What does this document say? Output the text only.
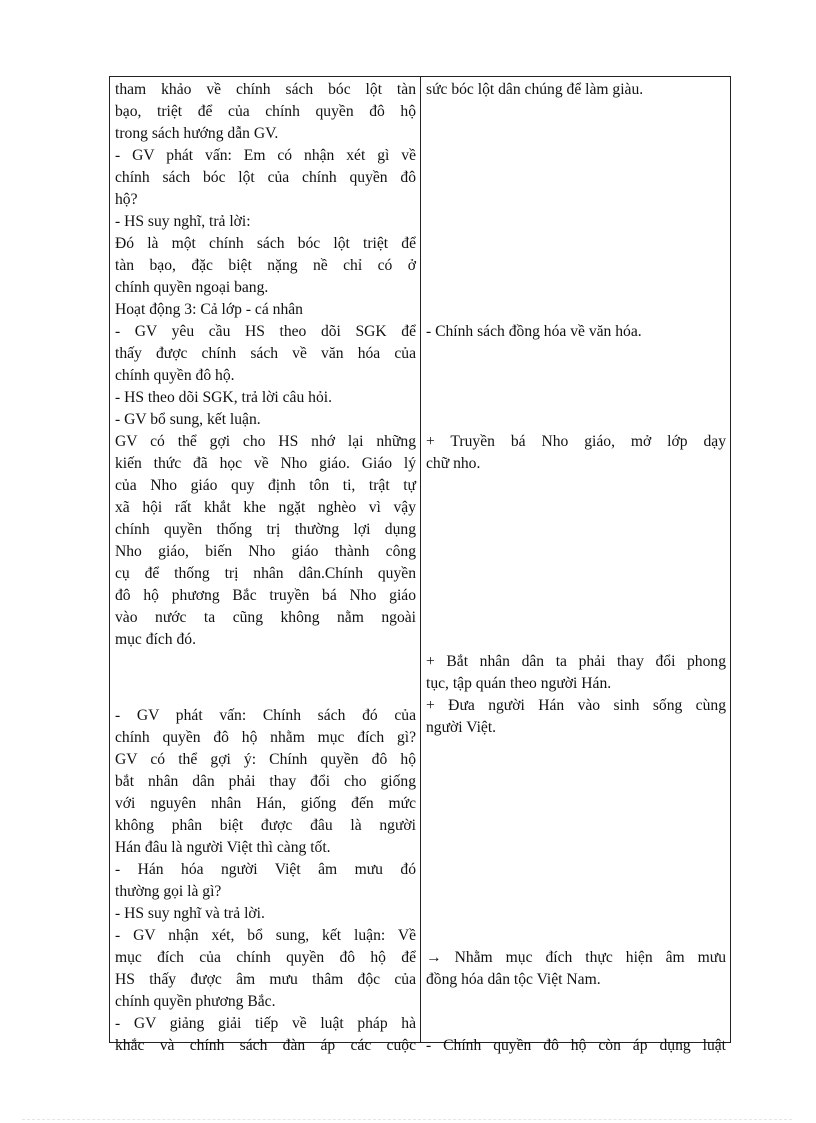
tham khảo về chính sách bóc lột tàn
bạo, triệt để của chính quyền đô hộ
trong sách hướng dẫn GV.
- GV phát vấn: Em có nhận xét gì về
chính sách bóc lột của chính quyền đô
hộ?
- HS suy nghĩ, trả lời:
Đó là một chính sách bóc lột triệt để
tàn bạo, đặc biệt nặng nề chỉ có ở
chính quyền ngoại bang.
Hoạt động 3: Cả lớp - cá nhân
- GV yêu cầu HS theo dõi SGK để
thấy được chính sách về văn hóa của
chính quyền đô hộ.
- HS theo dõi SGK, trả lời câu hỏi.
- GV bổ sung, kết luận.
GV có thể gợi cho HS nhớ lại những
kiến thức đã học về Nho giáo. Giáo lý
của Nho giáo quy định tôn ti, trật tự
xã hội rất khắt khe ngặt nghèo vì vậy
chính quyền thống trị thường lợi dụng
Nho giáo, biến Nho giáo thành công
cụ để thống trị nhân dân.Chính quyền
đô hộ phương Bắc truyền bá Nho giáo
vào nước ta cũng không nằm ngoài
mục đích đó.
- GV phát vấn: Chính sách đó của
chính quyền đô hộ nhằm mục đích gì?
GV có thể gợi ý: Chính quyền đô hộ
bắt nhân dân phải thay đổi cho giống
với nguyên nhân Hán, giống đến mức
không phân biệt được đâu là người
Hán đâu là người Việt thì càng tốt.
- Hán hóa người Việt âm mưu đó
thường gọi là gì?
- HS suy nghĩ và trả lời.
- GV nhận xét, bổ sung, kết luận: Về
mục đích của chính quyền đô hộ để
HS thấy được âm mưu thâm độc của
chính quyền phương Bắc.
- GV giảng giải tiếp về luật pháp hà
khắc và chính sách đàn áp các cuộc
sức bóc lột dân chúng để làm giàu.
- Chính sách đồng hóa về văn hóa.
+ Truyền bá Nho giáo, mở lớp dạy
chữ nho.
+ Bắt nhân dân ta phải thay đổi phong
tục, tập quán theo người Hán.
+ Đưa người Hán vào sinh sống cùng
người Việt.
→ Nhằm mục đích thực hiện âm mưu
đồng hóa dân tộc Việt Nam.
- Chính quyền đô hộ còn áp dụng luật
